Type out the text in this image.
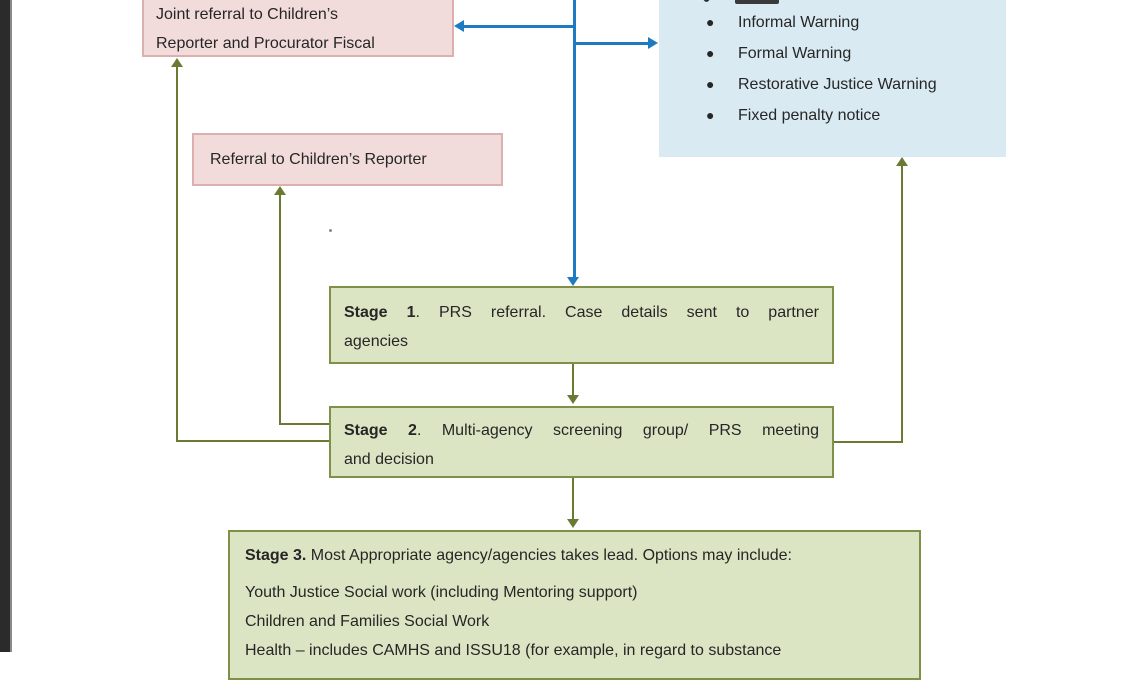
Joint referral to Children’s
Reporter and Procurator Fiscal
Referral to Children’s Reporter
● Informal Warning
● Formal Warning
● Restorative Justice Warning
● Fixed penalty notice
Stage 1. PRS referral. Case details sent to partner
agencies
Stage 2. Multi-agency screening group/ PRS meeting
and decision
Stage 3. Most Appropriate agency/agencies takes lead. Options may include:
Youth Justice Social work (including Mentoring support)
Children and Families Social Work
Health – includes CAMHS and ISSU18 (for example, in regard to substance
